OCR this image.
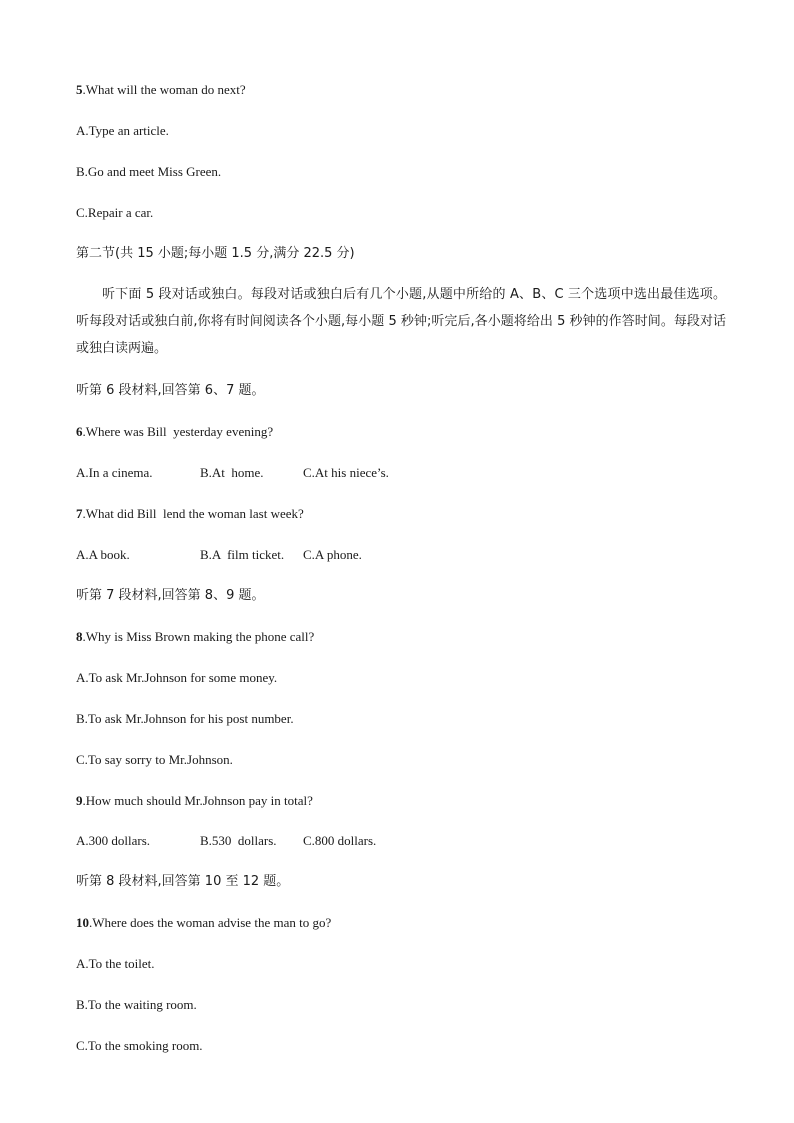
5.What will the woman do next?
A.Type an article.
B.Go and meet Miss Green.
C.Repair a car.
第二节(共 15 小题;每小题 1.5 分,满分 22.5 分)
听下面 5 段对话或独白。每段对话或独白后有几个小题,从题中所给的 A、B、C 三个选项中选出最佳选项。听每段对话或独白前,你将有时间阅读各个小题,每小题 5 秒钟;听完后,各小题将给出 5 秒钟的作答时间。每段对话或独白读两遍。
听第 6 段材料,回答第 6、7 题。
6.Where was Bill  yesterday evening?
A.In a cinema.	B.At  home.	C.At his niece’s.
7.What did Bill  lend the woman last week?
A.A book.	B.A  film ticket. C.A phone.
听第 7 段材料,回答第 8、9 题。
8.Why is Miss Brown making the phone call?
A.To ask Mr.Johnson for some money.
B.To ask Mr.Johnson for his post number.
C.To say sorry to Mr.Johnson.
9.How much should Mr.Johnson pay in total?
A.300 dollars.	B.530  dollars. C.800 dollars.
听第 8 段材料,回答第 10 至 12 题。
10.Where does the woman advise the man to go?
A.To the toilet.
B.To the waiting room.
C.To the smoking room.
